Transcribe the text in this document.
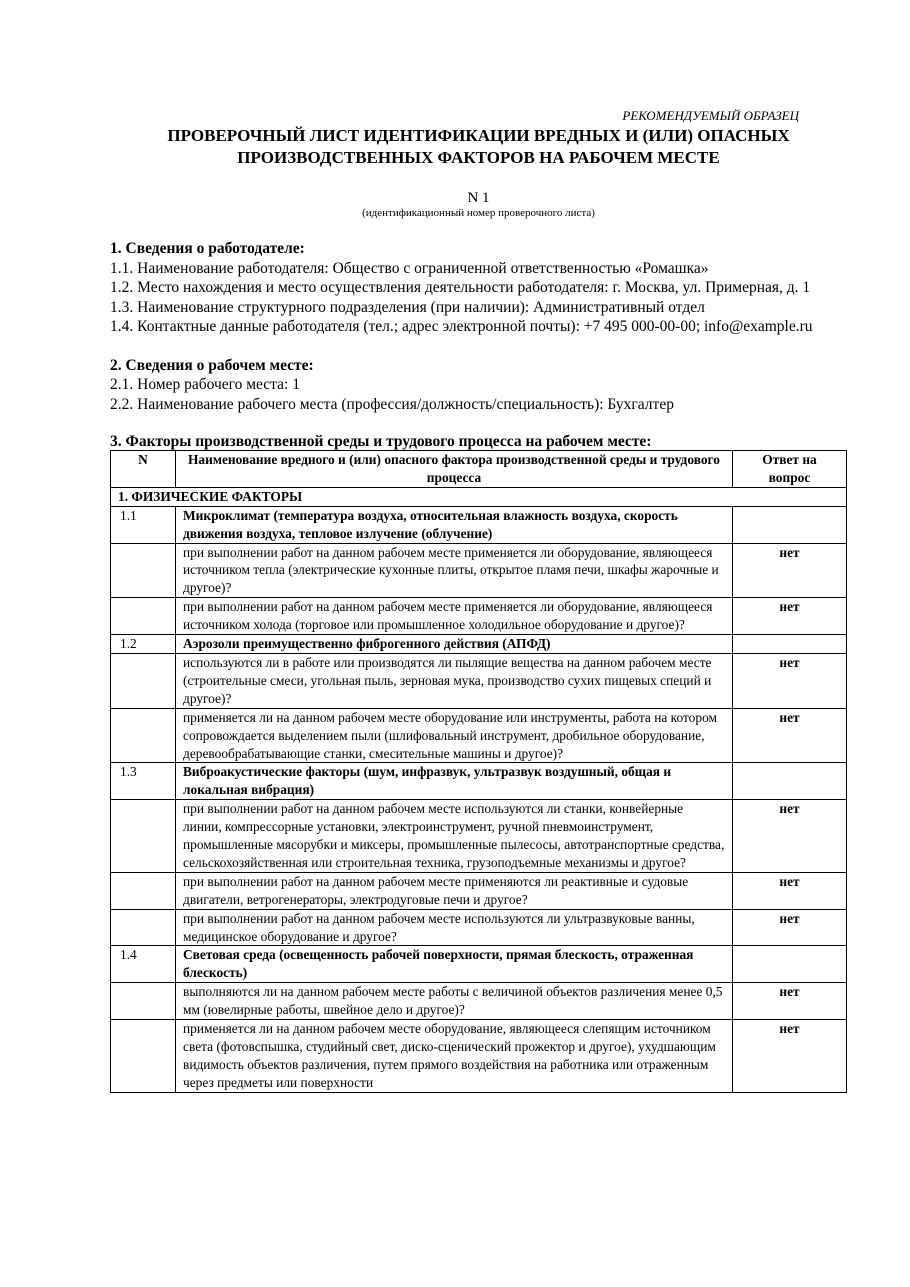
РЕКОМЕНДУЕМЫЙ ОБРАЗЕЦ
ПРОВЕРОЧНЫЙ ЛИСТ ИДЕНТИФИКАЦИИ ВРЕДНЫХ И (ИЛИ) ОПАСНЫХ
ПРОИЗВОДСТВЕННЫХ ФАКТОРОВ НА РАБОЧЕМ МЕСТЕ
N 1
(идентификационный номер проверочного листа)
1. Сведения о работодателе:

1.1. Наименование работодателя: Общество с ограниченной ответственностью «Ромашка»

1.2. Место нахождения и место осуществления деятельности работодателя: г. Москва, ул. Примерная, д. 1

1.3. Наименование структурного подразделения (при наличии): Административный отдел

1.4. Контактные данные работодателя (тел.; адрес электронной почты): +7 495 000-00-00; info@example.ru

2. Сведения о рабочем месте:

2.1. Номер рабочего места: 1

2.2. Наименование рабочего места (профессия/должность/специальность): Бухгалтер

3. Факторы производственной среды и трудового процесса на рабочем месте:
N	Наименование вредного и (или) опасного фактора производственной среды и трудового процесса	Ответ на вопрос
1. ФИЗИЧЕСКИЕ ФАКТОРЫ		
1.1	Микроклимат (температура воздуха, относительная влажность воздуха, скорость движения воздуха, тепловое излучение (облучение)	
	при выполнении работ на данном рабочем месте применяется ли оборудование, являющееся источником тепла (электрические кухонные плиты, открытое пламя печи, шкафы жарочные и другое)?	нет
	при выполнении работ на данном рабочем месте применяется ли оборудование, являющееся источником холода (торговое или промышленное холодильное оборудование и другое)?	нет
1.2	Аэрозоли преимущественно фиброгенного действия (АПФД)	
	используются ли в работе или производятся ли пылящие вещества на данном рабочем месте (строительные смеси, угольная пыль, зерновая мука, производство сухих пищевых специй и другое)?	нет
	применяется ли на данном рабочем месте оборудование или инструменты, работа на котором сопровождается выделением пыли (шлифовальный инструмент, дробильное оборудование, деревообрабатывающие станки, смесительные машины и другое)?	нет
1.3	Виброакустические факторы (шум, инфразвук, ультразвук воздушный, общая и локальная вибрация)	
	при выполнении работ на данном рабочем месте используются ли станки, конвейерные линии, компрессорные установки, электроинструмент, ручной пневмоинструмент, промышленные мясорубки и миксеры, промышленные пылесосы, автотранспортные средства, сельскохозяйственная или строительная техника, грузоподъемные механизмы и другое?	нет
	при выполнении работ на данном рабочем месте применяются ли реактивные и судовые двигатели, ветрогенераторы, электродуговые печи и другое?	нет
	при выполнении работ на данном рабочем месте используются ли ультразвуковые ванны, медицинское оборудование и другое?	нет
1.4	Световая среда (освещенность рабочей поверхности, прямая блескость, отраженная блескость)	
	выполняются ли на данном рабочем месте работы с величиной объектов различения менее 0,5 мм (ювелирные работы, швейное дело и другое)?	нет
	применяется ли на данном рабочем месте оборудование, являющееся слепящим источником света (фотовспышка, студийный свет, диско-сценический прожектор и другое), ухудшающим видимость объектов различения, путем прямого воздействия на работника или отраженным через предметы или поверхности	нет
